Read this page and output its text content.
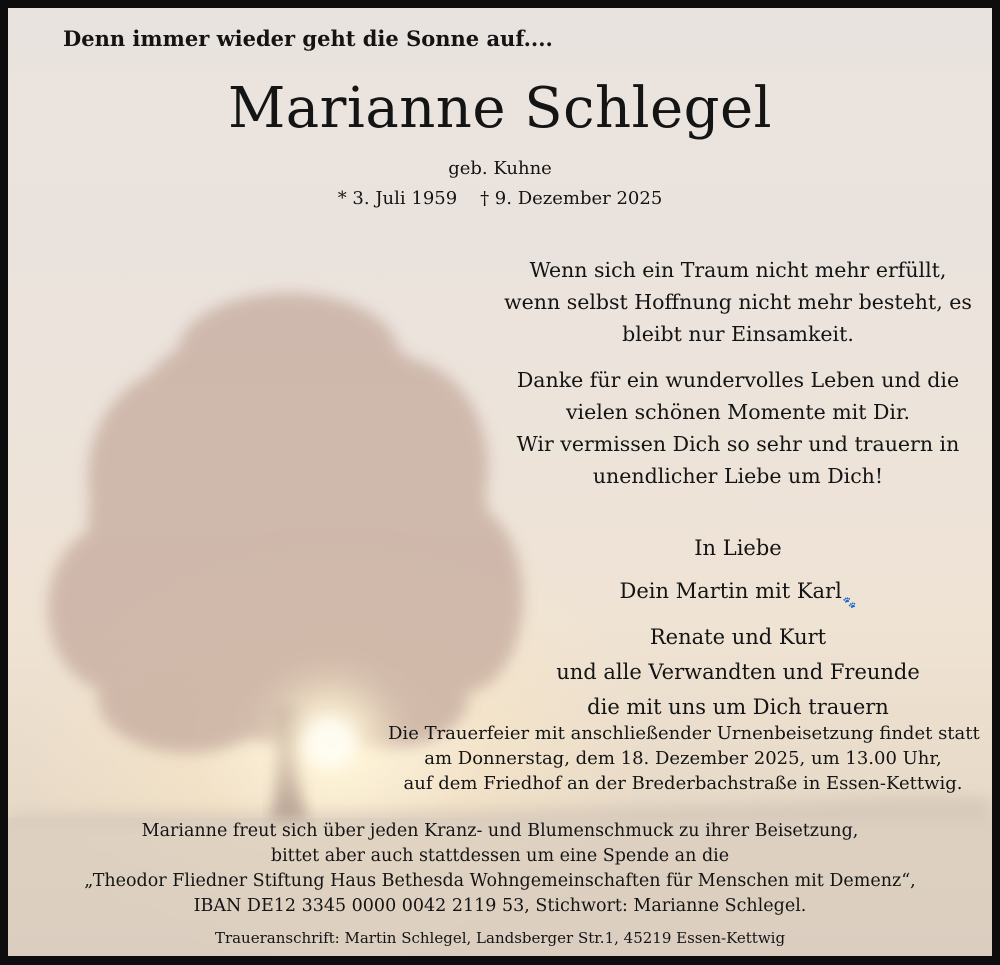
Denn immer wieder geht die Sonne auf....
Marianne Schlegel
geb. Kuhne
* 3. Juli 1959 † 9. Dezember 2025
Wenn sich ein Traum nicht mehr erfüllt,
wenn selbst Hoffnung nicht mehr besteht, es
bleibt nur Einsamkeit.
Danke für ein wundervolles Leben und die
vielen schönen Momente mit Dir.
Wir vermissen Dich so sehr und trauern in
unendlicher Liebe um Dich!
In Liebe
Dein Martin mit Karl🐾
Renate und Kurt
und alle Verwandten und Freunde
die mit uns um Dich trauern
Die Trauerfeier mit anschließender Urnenbeisetzung findet statt
am Donnerstag, dem 18. Dezember 2025, um 13.00 Uhr,
auf dem Friedhof an der Brederbachstraße in Essen-Kettwig.
Marianne freut sich über jeden Kranz- und Blumenschmuck zu ihrer Beisetzung,
bittet aber auch stattdessen um eine Spende an die
„Theodor Fliedner Stiftung Haus Bethesda Wohngemeinschaften für Menschen mit Demenz“,
IBAN DE12 3345 0000 0042 2119 53, Stichwort: Marianne Schlegel.
Traueranschrift: Martin Schlegel, Landsberger Str.1, 45219 Essen-Kettwig
